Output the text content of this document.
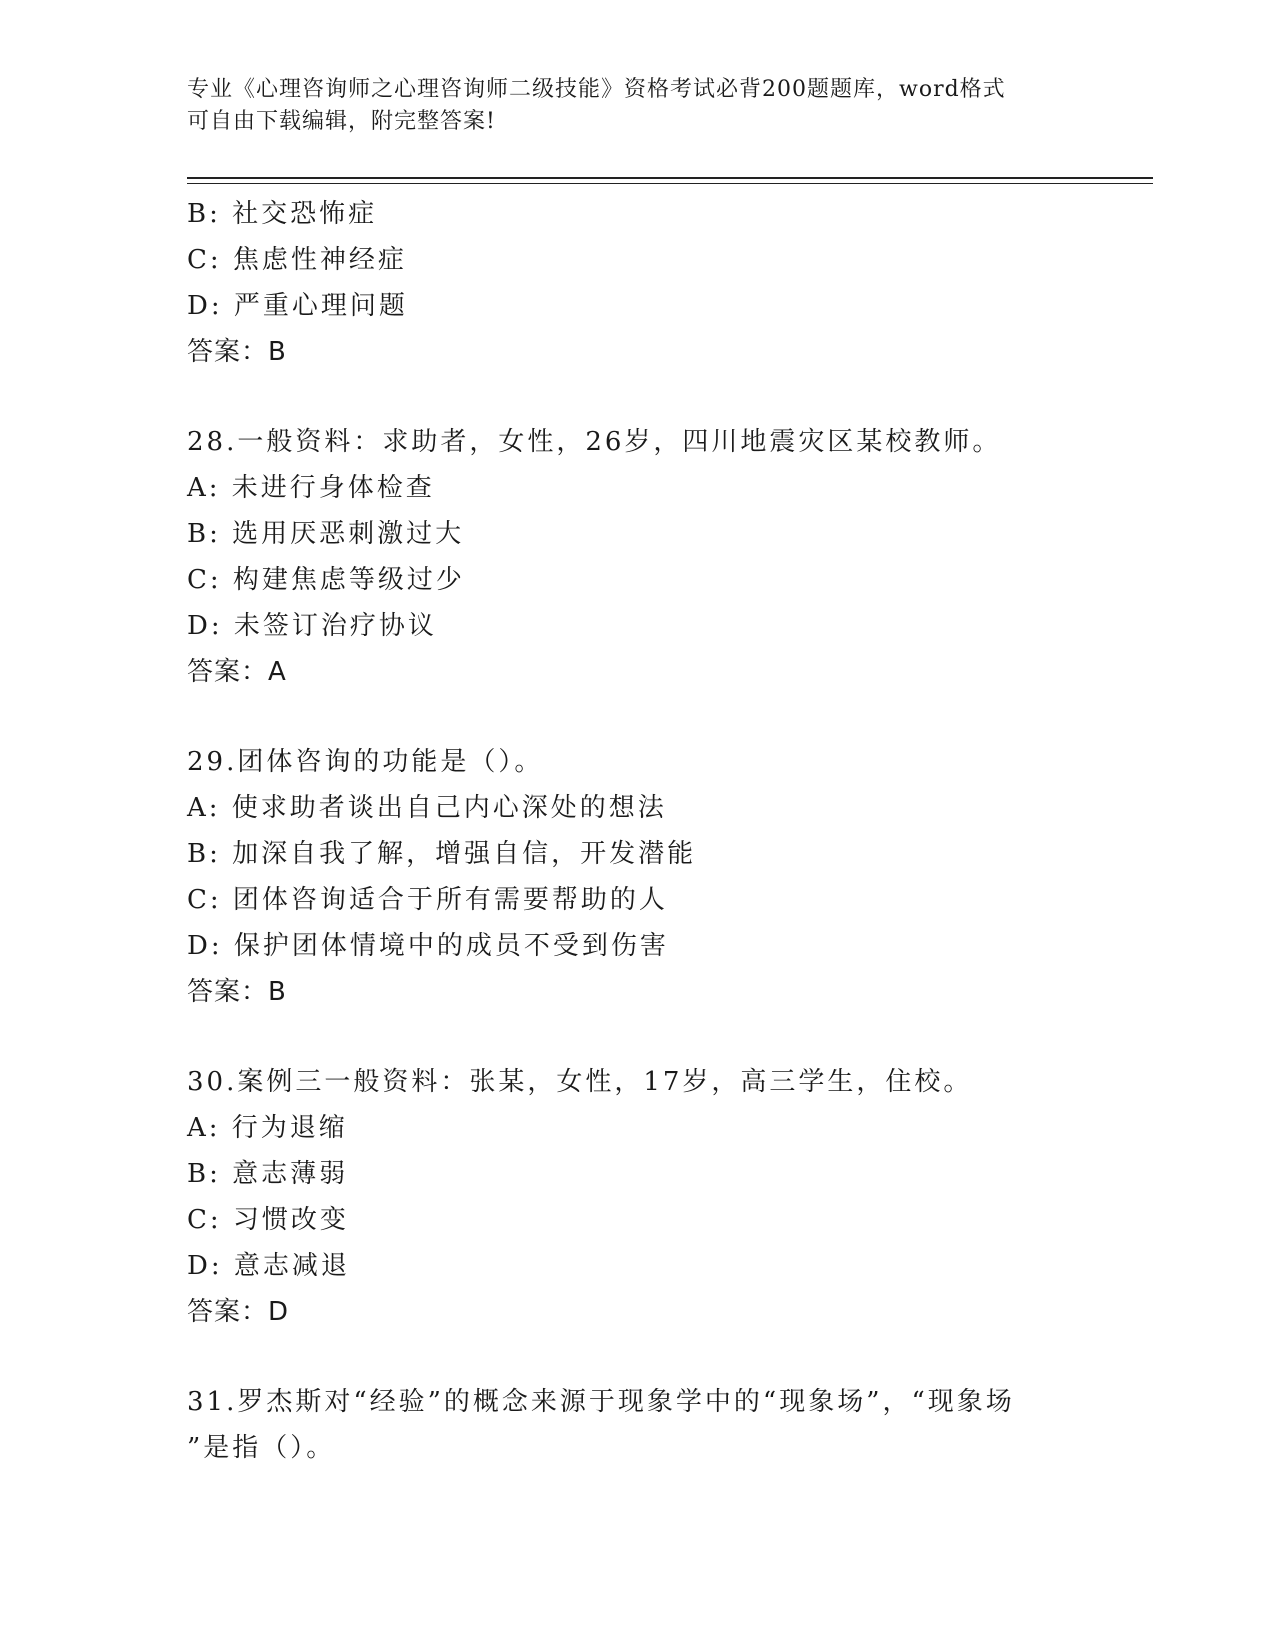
专业《心理咨询师之心理咨询师二级技能》资格考试必背200题题库，word格式
可自由下载编辑，附完整答案!
B: 社交恐怖症
C: 焦虑性神经症
D: 严重心理问题
答案：B
28.一般资料：求助者，女性，26岁，四川地震灾区某校教师。
A: 未进行身体检查
B: 选用厌恶刺激过大
C: 构建焦虑等级过少
D: 未签订治疗协议
答案：A
29.团体咨询的功能是（）。
A: 使求助者谈出自己内心深处的想法
B: 加深自我了解，增强自信，开发潜能
C: 团体咨询适合于所有需要帮助的人
D: 保护团体情境中的成员不受到伤害
答案：B
30.案例三一般资料：张某，女性，17岁，高三学生，住校。
A: 行为退缩
B: 意志薄弱
C: 习惯改变
D: 意志减退
答案：D
31.罗杰斯对“经验”的概念来源于现象学中的“现象场”，“现象场
”是指（）。
